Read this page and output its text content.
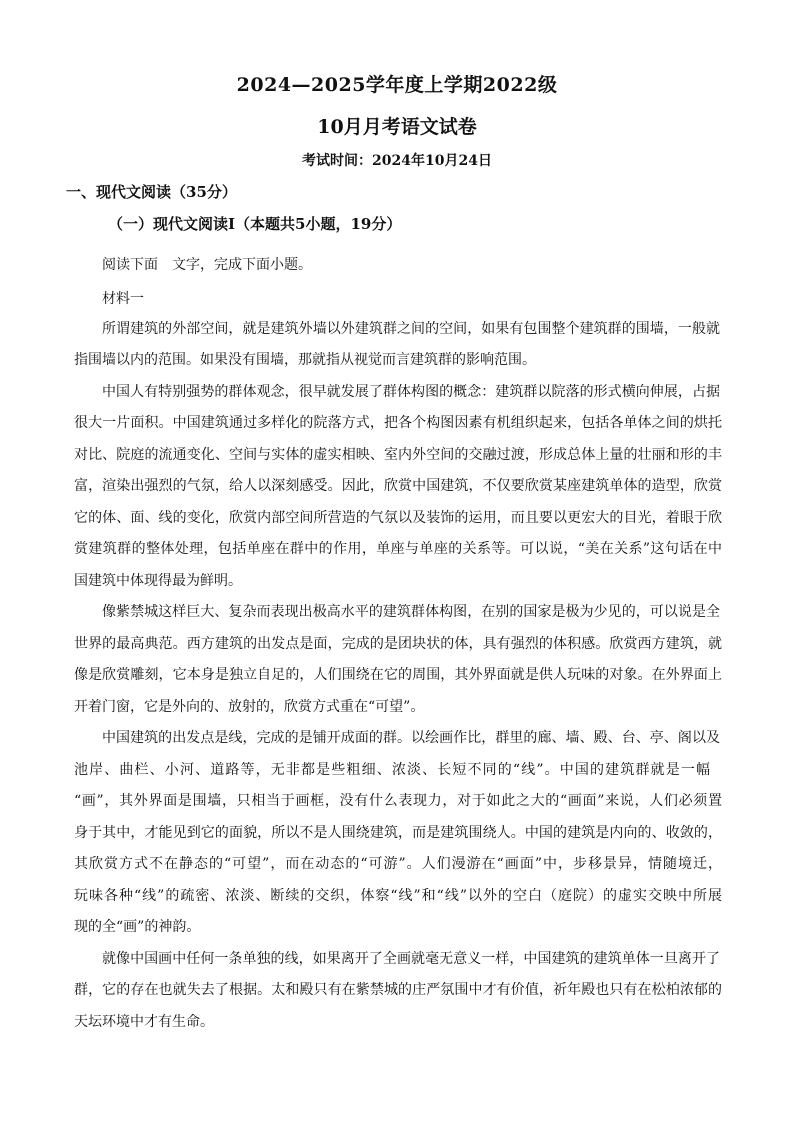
2024—2025学年度上学期2022级
10月月考语文试卷
考试时间：2024年10月24日
一、现代文阅读（35分）
（一）现代文阅读Ⅰ（本题共5小题，19分）
阅读下面　文字，完成下面小题。
材料一
所谓建筑的外部空间，就是建筑外墙以外建筑群之间的空间，如果有包围整个建筑群的围墙，一般就
指围墙以内的范围。如果没有围墙，那就指从视觉而言建筑群的影响范围。
中国人有特别强势的群体观念，很早就发展了群体构图的概念：建筑群以院落的形式横向伸展，占据
很大一片面积。中国建筑通过多样化的院落方式，把各个构图因素有机组织起来，包括各单体之间的烘托
对比、院庭的流通变化、空间与实体的虚实相映、室内外空间的交融过渡，形成总体上量的壮丽和形的丰
富，渲染出强烈的气氛，给人以深刻感受。因此，欣赏中国建筑，不仅要欣赏某座建筑单体的造型，欣赏
它的体、面、线的变化，欣赏内部空间所营造的气氛以及装饰的运用，而且要以更宏大的目光，着眼于欣
赏建筑群的整体处理，包括单座在群中的作用，单座与单座的关系等。可以说，“美在关系”这句话在中
国建筑中体现得最为鲜明。
像紫禁城这样巨大、复杂而表现出极高水平的建筑群体构图，在别的国家是极为少见的，可以说是全
世界的最高典范。西方建筑的出发点是面，完成的是团块状的体，具有强烈的体积感。欣赏西方建筑，就
像是欣赏雕刻，它本身是独立自足的，人们围绕在它的周围，其外界面就是供人玩味的对象。在外界面上
开着门窗，它是外向的、放射的，欣赏方式重在“可望”。
中国建筑的出发点是线，完成的是铺开成面的群。以绘画作比，群里的廊、墙、殿、台、亭、阁以及
池岸、曲栏、小河、道路等，无非都是些粗细、浓淡、长短不同的“线”。中国的建筑群就是一幅
“画”，其外界面是围墙，只相当于画框，没有什么表现力，对于如此之大的“画面”来说，人们必须置
身于其中，才能见到它的面貌，所以不是人围绕建筑，而是建筑围绕人。中国的建筑是内向的、收敛的，
其欣赏方式不在静态的“可望”，而在动态的“可游”。人们漫游在“画面”中，步移景异，情随境迁，
玩味各种“线”的疏密、浓淡、断续的交织，体察“线”和“线”以外的空白（庭院）的虚实交映中所展
现的全“画”的神韵。
就像中国画中任何一条单独的线，如果离开了全画就毫无意义一样，中国建筑的建筑单体一旦离开了
群，它的存在也就失去了根据。太和殿只有在紫禁城的庄严氛围中才有价值，祈年殿也只有在松柏浓郁的
天坛环境中才有生命。
